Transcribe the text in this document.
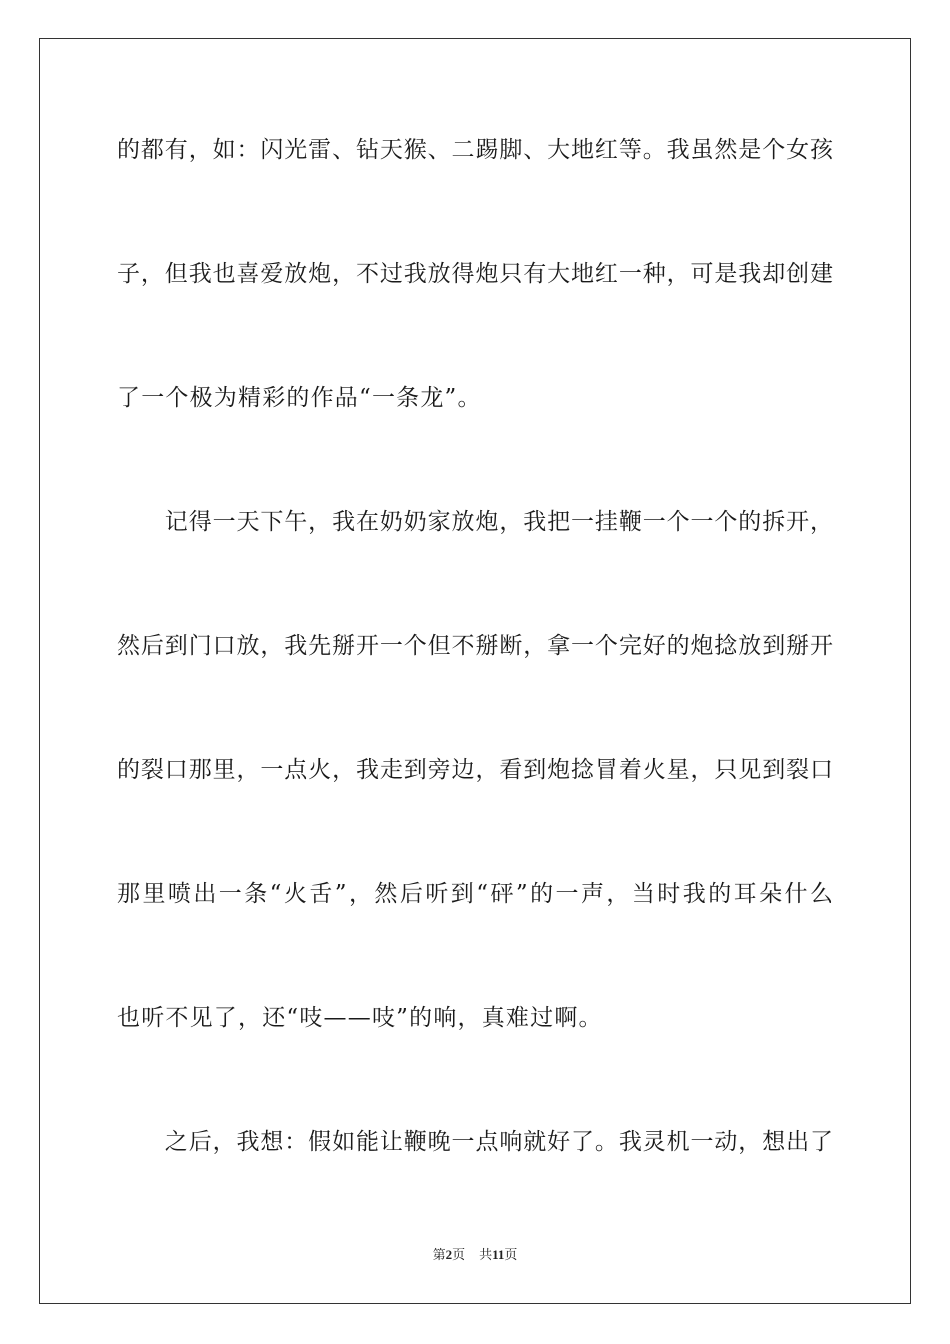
的都有，如：闪光雷、钻天猴、二踢脚、大地红等。我虽然是个女孩
子，但我也喜爱放炮，不过我放得炮只有大地红一种，可是我却创建
了一个极为精彩的作品“一条龙”。
　　记得一天下午，我在奶奶家放炮，我把一挂鞭一个一个的拆开，
然后到门口放，我先掰开一个但不掰断，拿一个完好的炮捻放到掰开
的裂口那里，一点火，我走到旁边，看到炮捻冒着火星，只见到裂口
那里喷出一条“火舌”，然后听到“砰”的一声，当时我的耳朵什么
也听不见了，还“吱——吱”的响，真难过啊。
　　之后，我想：假如能让鞭晚一点响就好了。我灵机一动，想出了
第2页 共11页
